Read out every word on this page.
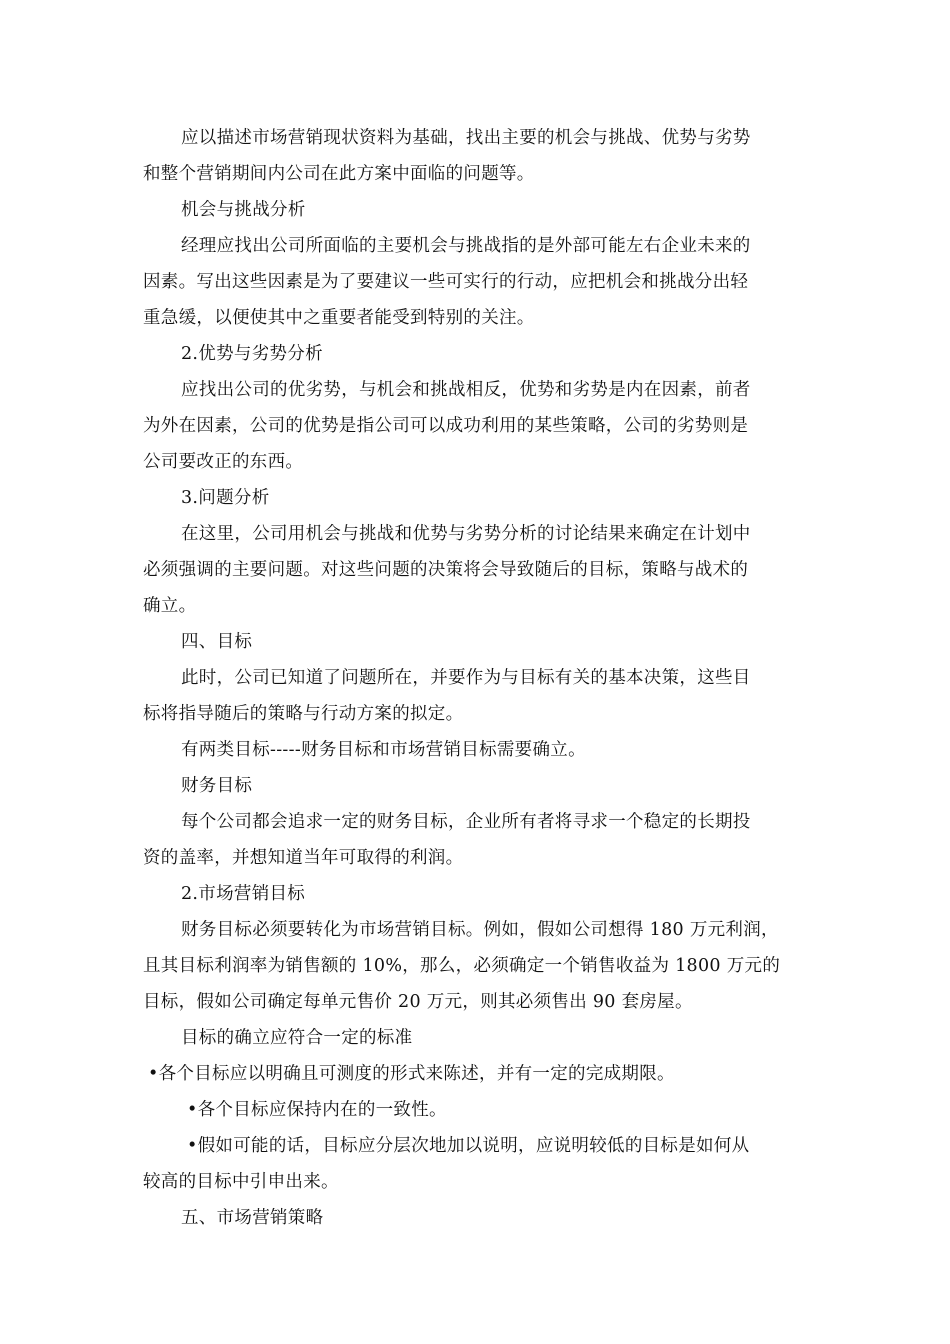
应以描述市场营销现状资料为基础，找出主要的机会与挑战、优势与劣势
和整个营销期间内公司在此方案中面临的问题等。
机会与挑战分析
经理应找出公司所面临的主要机会与挑战指的是外部可能左右企业未来的
因素。写出这些因素是为了要建议一些可实行的行动，应把机会和挑战分出轻
重急缓，以便使其中之重要者能受到特别的关注。
2.优势与劣势分析
应找出公司的优劣势，与机会和挑战相反，优势和劣势是内在因素，前者
为外在因素，公司的优势是指公司可以成功利用的某些策略，公司的劣势则是
公司要改正的东西。
3.问题分析
在这里，公司用机会与挑战和优势与劣势分析的讨论结果来确定在计划中
必须强调的主要问题。对这些问题的决策将会导致随后的目标，策略与战术的
确立。
四、目标
此时，公司已知道了问题所在，并要作为与目标有关的基本决策，这些目
标将指导随后的策略与行动方案的拟定。
有两类目标-----财务目标和市场营销目标需要确立。
财务目标
每个公司都会追求一定的财务目标，企业所有者将寻求一个稳定的长期投
资的盖率，并想知道当年可取得的利润。
2.市场营销目标
财务目标必须要转化为市场营销目标。例如，假如公司想得 180 万元利润，
且其目标利润率为销售额的 10%，那么，必须确定一个销售收益为 1800 万元的
目标，假如公司确定每单元售价 20 万元，则其必须售出 90 套房屋。
目标的确立应符合一定的标准
•各个目标应以明确且可测度的形式来陈述，并有一定的完成期限。
•各个目标应保持内在的一致性。
•假如可能的话，目标应分层次地加以说明，应说明较低的目标是如何从
较高的目标中引申出来。
五、市场营销策略
